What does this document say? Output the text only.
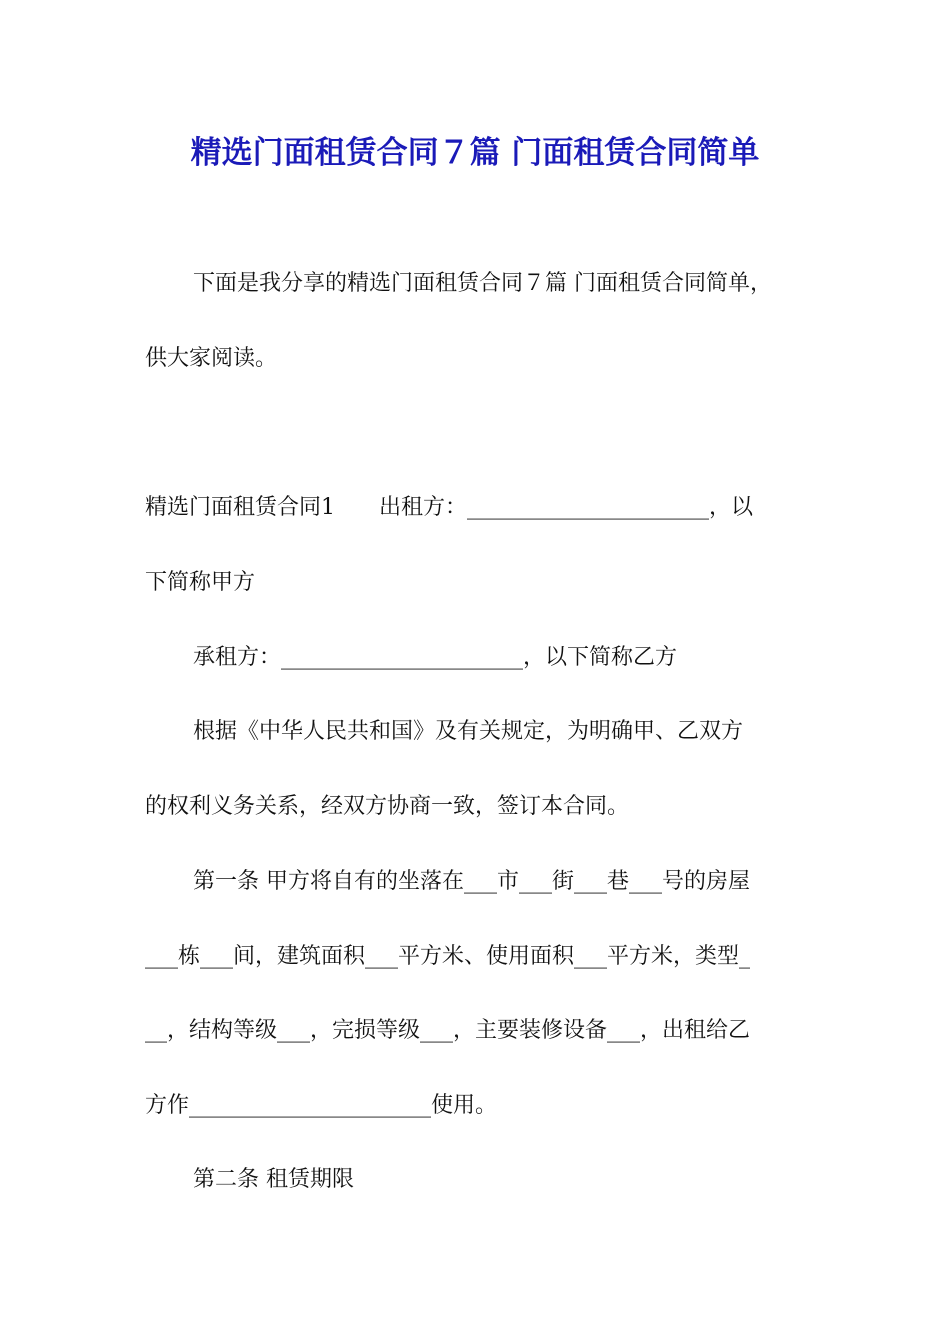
精选门面租赁合同７篇 门面租赁合同简单
下面是我分享的精选门面租赁合同７篇 门面租赁合同简单，
供大家阅读。
精选门面租赁合同1　　出租方：______________________，以
下简称甲方
承租方：______________________，以下简称乙方
根据《中华人民共和国》及有关规定，为明确甲、乙双方
的权利义务关系，经双方协商一致，签订本合同。
第一条 甲方将自有的坐落在___市___街___巷___号的房屋
___栋___间，建筑面积___平方米、使用面积___平方米，类型_
__，结构等级___，完损等级___，主要装修设备___，出租给乙
方作______________________使用。
第二条 租赁期限
